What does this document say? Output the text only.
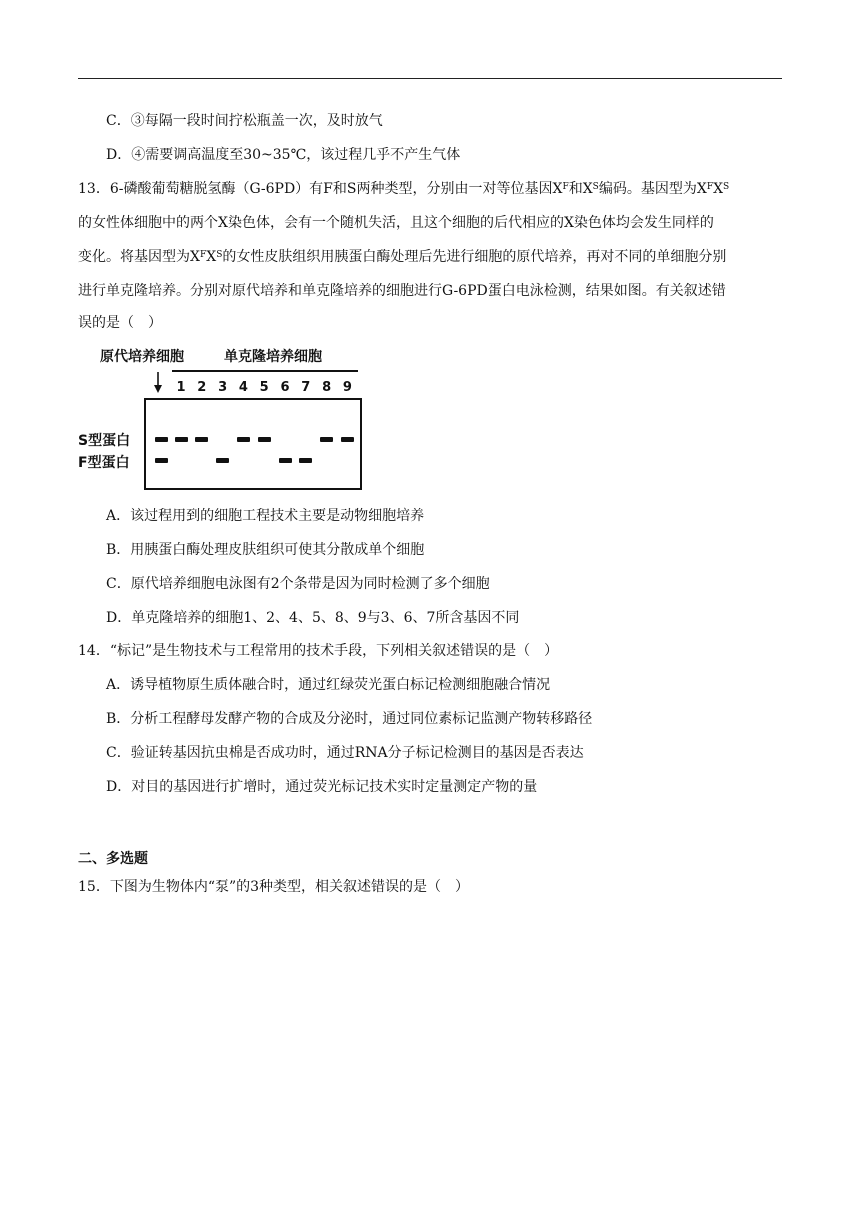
C．③每隔一段时间拧松瓶盖一次，及时放气
D．④需要调高温度至30~35℃，该过程几乎不产生气体
13．6-磷酸葡萄糖脱氢酶（G-6PD）有F和S两种类型，分别由一对等位基因$X^F$和$X^S$编码。基因型为$X^FX^S$
的女性体细胞中的两个X染色体，会有一个随机失活，且这个细胞的后代相应的X染色体均会发生同样的
变化。将基因型为$X^FX^S$的女性皮肤组织用胰蛋白酶处理后先进行细胞的原代培养，再对不同的单细胞分别
进行单克隆培养。分别对原代培养和单克隆培养的细胞进行G-6PD蛋白电泳检测，结果如图。有关叙述错
误的是（　）
原代培养细胞	单克隆培养细胞
1 2 3 4 5 6 7 8 9
S型蛋白
F型蛋白
A．该过程用到的细胞工程技术主要是动物细胞培养
B．用胰蛋白酶处理皮肤组织可使其分散成单个细胞
C．原代培养细胞电泳图有2个条带是因为同时检测了多个细胞
D．单克隆培养的细胞1、2、4、5、8、9与3、6、7所含基因不同
14．“标记”是生物技术与工程常用的技术手段，下列相关叙述错误的是（　）
A．诱导植物原生质体融合时，通过红绿荧光蛋白标记检测细胞融合情况
B．分析工程酵母发酵产物的合成及分泌时，通过同位素标记监测产物转移路径
C．验证转基因抗虫棉是否成功时，通过RNA分子标记检测目的基因是否表达
D．对目的基因进行扩增时，通过荧光标记技术实时定量测定产物的量
二、多选题
15．下图为生物体内“泵”的3种类型，相关叙述错误的是（　）
